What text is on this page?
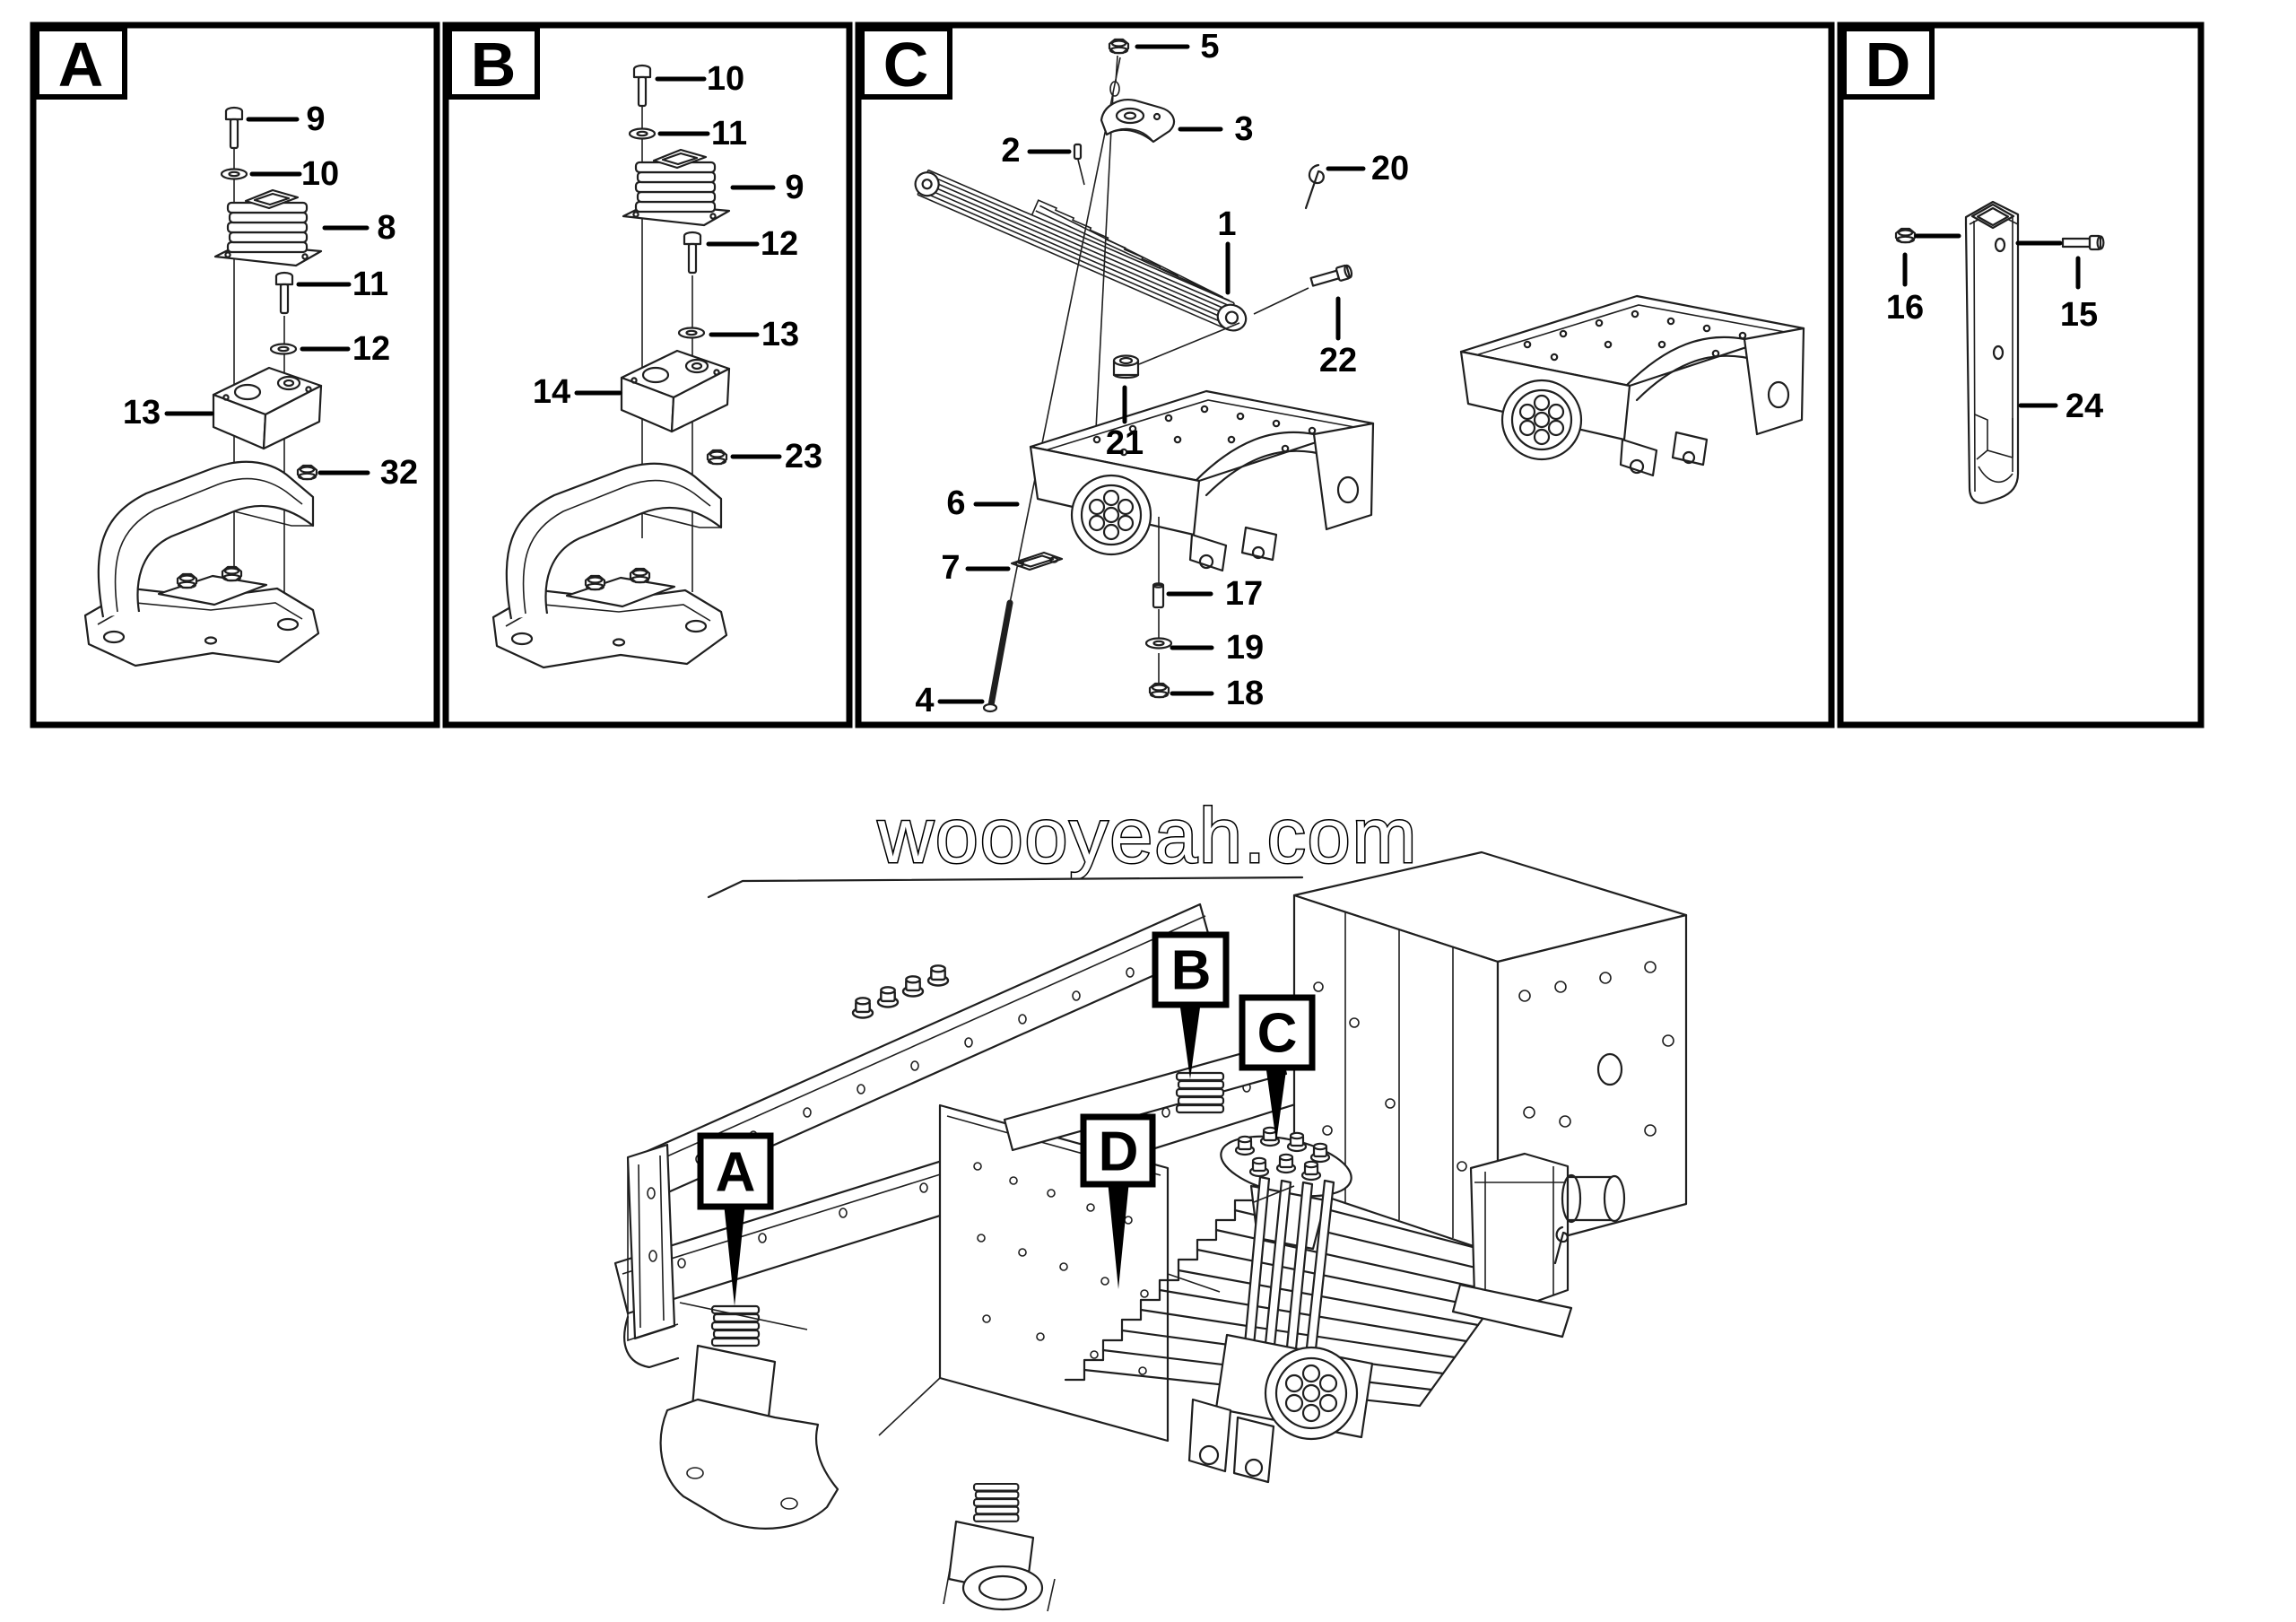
A
9
10
8
11
12
13
32
B	10
11
9
12
13
14
23
C	5
3
2	20
1
22
21
6
7
4
17
19
18
D
16	15
24
woooyeah.com
A
B
C
D
